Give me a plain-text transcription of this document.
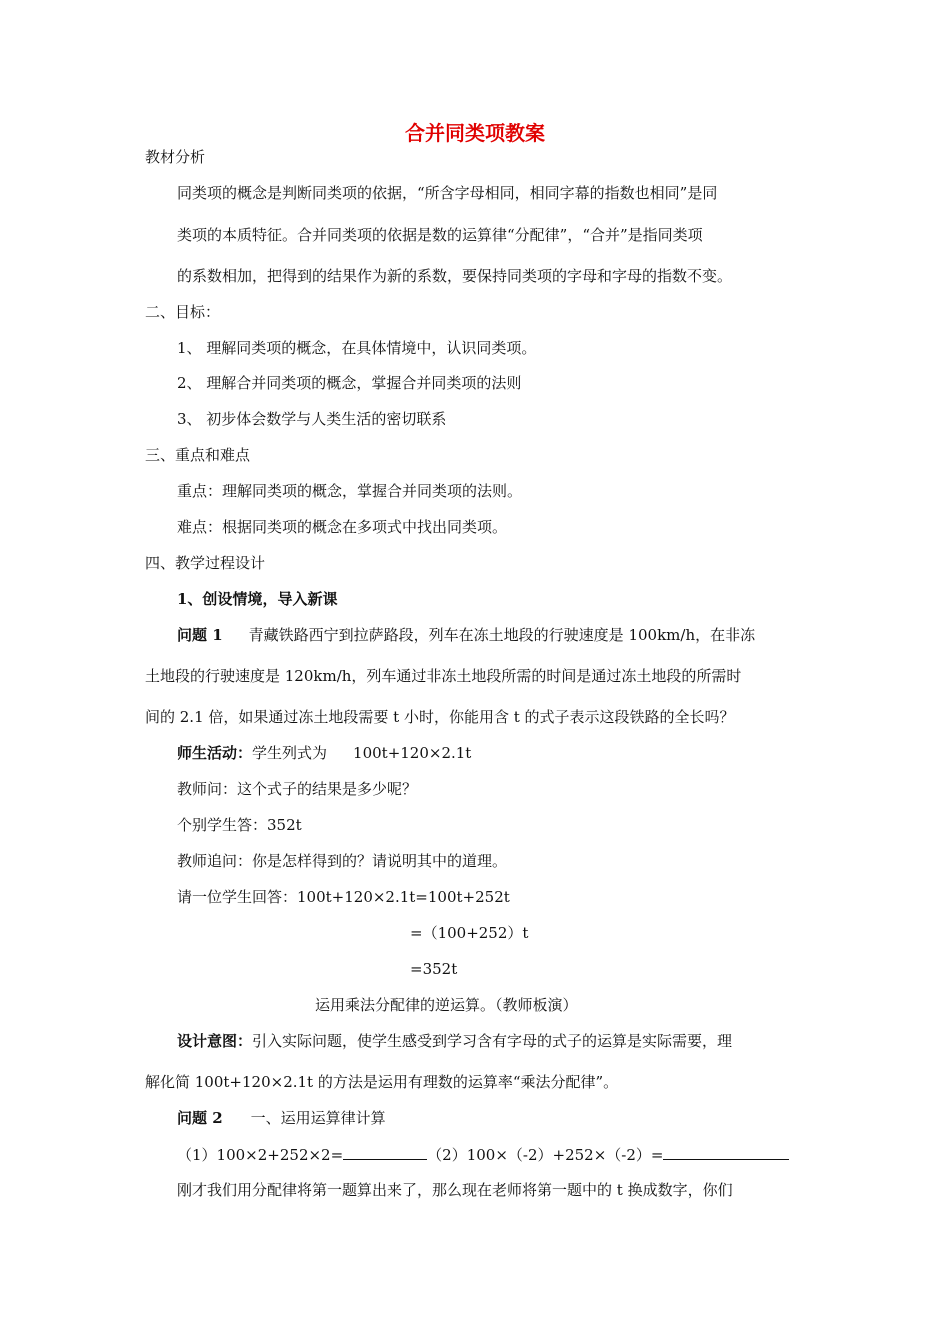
合并同类项教案
教材分析
同类项的概念是判断同类项的依据，“所含字母相同，相同字幕的指数也相同”是同
类项的本质特征。合并同类项的依据是数的运算律“分配律”，“合并”是指同类项
的系数相加，把得到的结果作为新的系数，要保持同类项的字母和字母的指数不变。
二、目标：
1、 理解同类项的概念，在具体情境中，认识同类项。
2、 理解合并同类项的概念，掌握合并同类项的法则
3、 初步体会数学与人类生活的密切联系
三、重点和难点
重点：理解同类项的概念，掌握合并同类项的法则。
难点：根据同类项的概念在多项式中找出同类项。
四、教学过程设计
1、创设情境，导入新课
问题 1 青藏铁路西宁到拉萨路段，列车在冻土地段的行驶速度是 100km/h，在非冻
土地段的行驶速度是 120km/h，列车通过非冻土地段所需的时间是通过冻土地段的所需时
间的 2.1 倍，如果通过冻土地段需要 t 小时，你能用含 t 的式子表示这段铁路的全长吗？
师生活动：学生列式为 100t+120×2.1t
教师问：这个式子的结果是多少呢？
个别学生答：352t
教师追问：你是怎样得到的？请说明其中的道理。
请一位学生回答：100t+120×2.1t=100t+252t
=（100+252）t
=352t
运用乘法分配律的逆运算。（教师板演）
设计意图：引入实际问题，使学生感受到学习含有字母的式子的运算是实际需要，理
解化简 100t+120×2.1t 的方法是运用有理数的运算率“乘法分配律”。
问题 2 一、运用运算律计算
（1）100×2+252×2=	（2）100×（-2）+252×（-2）=
刚才我们用分配律将第一题算出来了，那么现在老师将第一题中的 t 换成数字，你们
